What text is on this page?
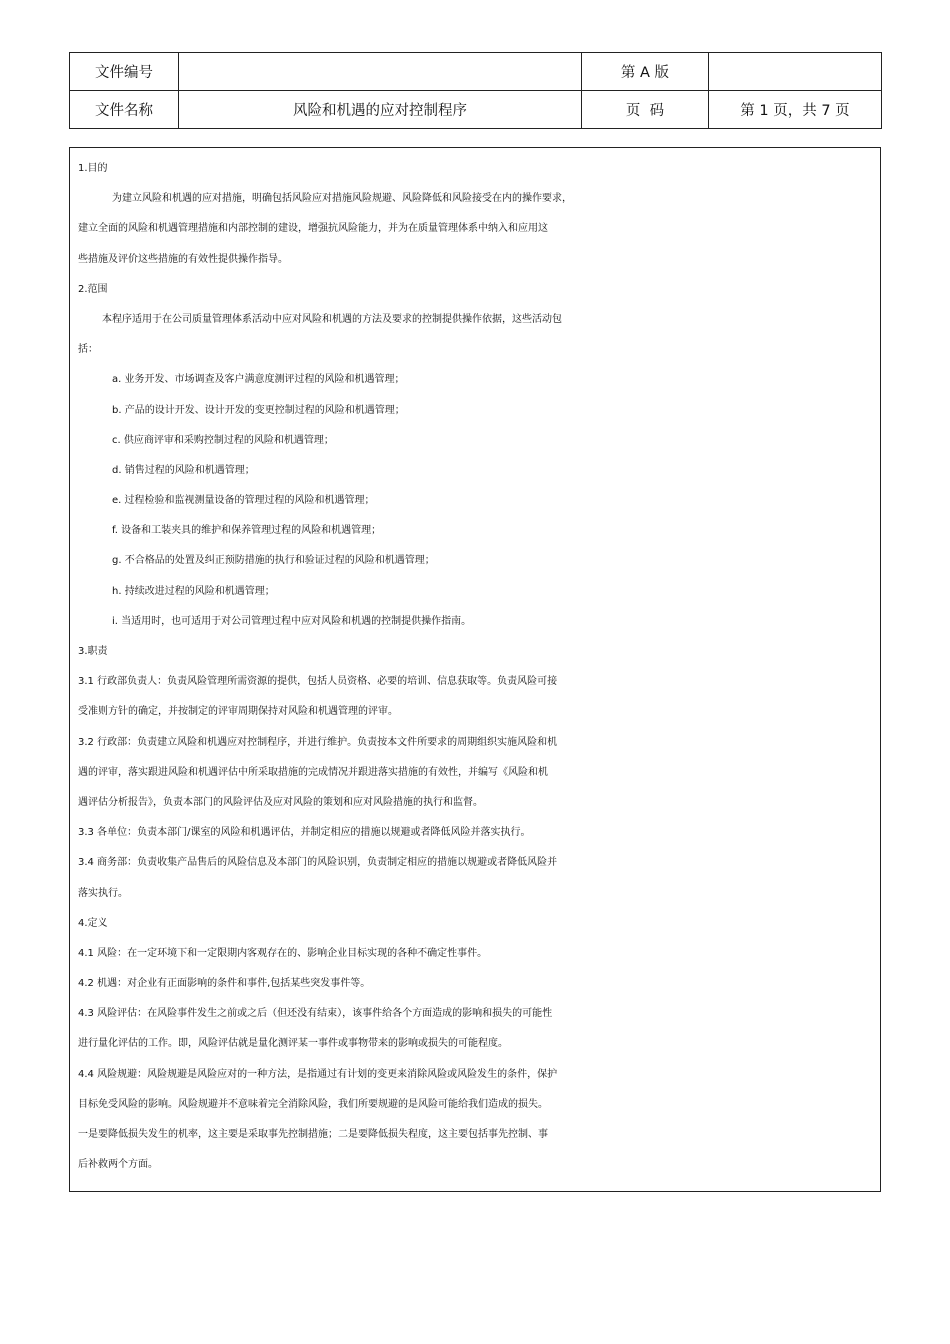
文件编号		第 A 版	
文件名称	风险和机遇的应对控制程序	页  码	第 1 页，共 7 页
1.目的
为建立风险和机遇的应对措施，明确包括风险应对措施风险规避、风险降低和风险接受在内的操作要求，
建立全面的风险和机遇管理措施和内部控制的建设，增强抗风险能力，并为在质量管理体系中纳入和应用这
些措施及评价这些措施的有效性提供操作指导。
2.范围
本程序适用于在公司质量管理体系活动中应对风险和机遇的方法及要求的控制提供操作依据，这些活动包
括：
a. 业务开发、市场调查及客户满意度测评过程的风险和机遇管理；
b. 产品的设计开发、设计开发的变更控制过程的风险和机遇管理；
c. 供应商评审和采购控制过程的风险和机遇管理；
d. 销售过程的风险和机遇管理；
e. 过程检验和监视测量设备的管理过程的风险和机遇管理；
f. 设备和工装夹具的维护和保养管理过程的风险和机遇管理；
g. 不合格品的处置及纠正预防措施的执行和验证过程的风险和机遇管理；
h. 持续改进过程的风险和机遇管理；
i. 当适用时，也可适用于对公司管理过程中应对风险和机遇的控制提供操作指南。
3.职责
3.1 行政部负责人：负责风险管理所需资源的提供，包括人员资格、必要的培训、信息获取等。负责风险可接
受准则方针的确定，并按制定的评审周期保持对风险和机遇管理的评审。
3.2 行政部：负责建立风险和机遇应对控制程序，并进行维护。负责按本文件所要求的周期组织实施风险和机
遇的评审，落实跟进风险和机遇评估中所采取措施的完成情况并跟进落实措施的有效性，并编写《风险和机
遇评估分析报告》，负责本部门的风险评估及应对风险的策划和应对风险措施的执行和监督。
3.3 各单位：负责本部门/课室的风险和机遇评估，并制定相应的措施以规避或者降低风险并落实执行。
3.4 商务部：负责收集产品售后的风险信息及本部门的风险识别，负责制定相应的措施以规避或者降低风险并
落实执行。
4.定义
4.1 风险：在一定环境下和一定限期内客观存在的、影响企业目标实现的各种不确定性事件。
4.2 机遇：对企业有正面影响的条件和事件,包括某些突发事件等。
4.3 风险评估：在风险事件发生之前或之后（但还没有结束），该事件给各个方面造成的影响和损失的可能性
进行量化评估的工作。即，风险评估就是量化测评某一事件或事物带来的影响或损失的可能程度。
4.4 风险规避：风险规避是风险应对的一种方法，是指通过有计划的变更来消除风险或风险发生的条件，保护
目标免受风险的影响。风险规避并不意味着完全消除风险，我们所要规避的是风险可能给我们造成的损失。
一是要降低损失发生的机率，这主要是采取事先控制措施；二是要降低损失程度，这主要包括事先控制、事
后补救两个方面。
